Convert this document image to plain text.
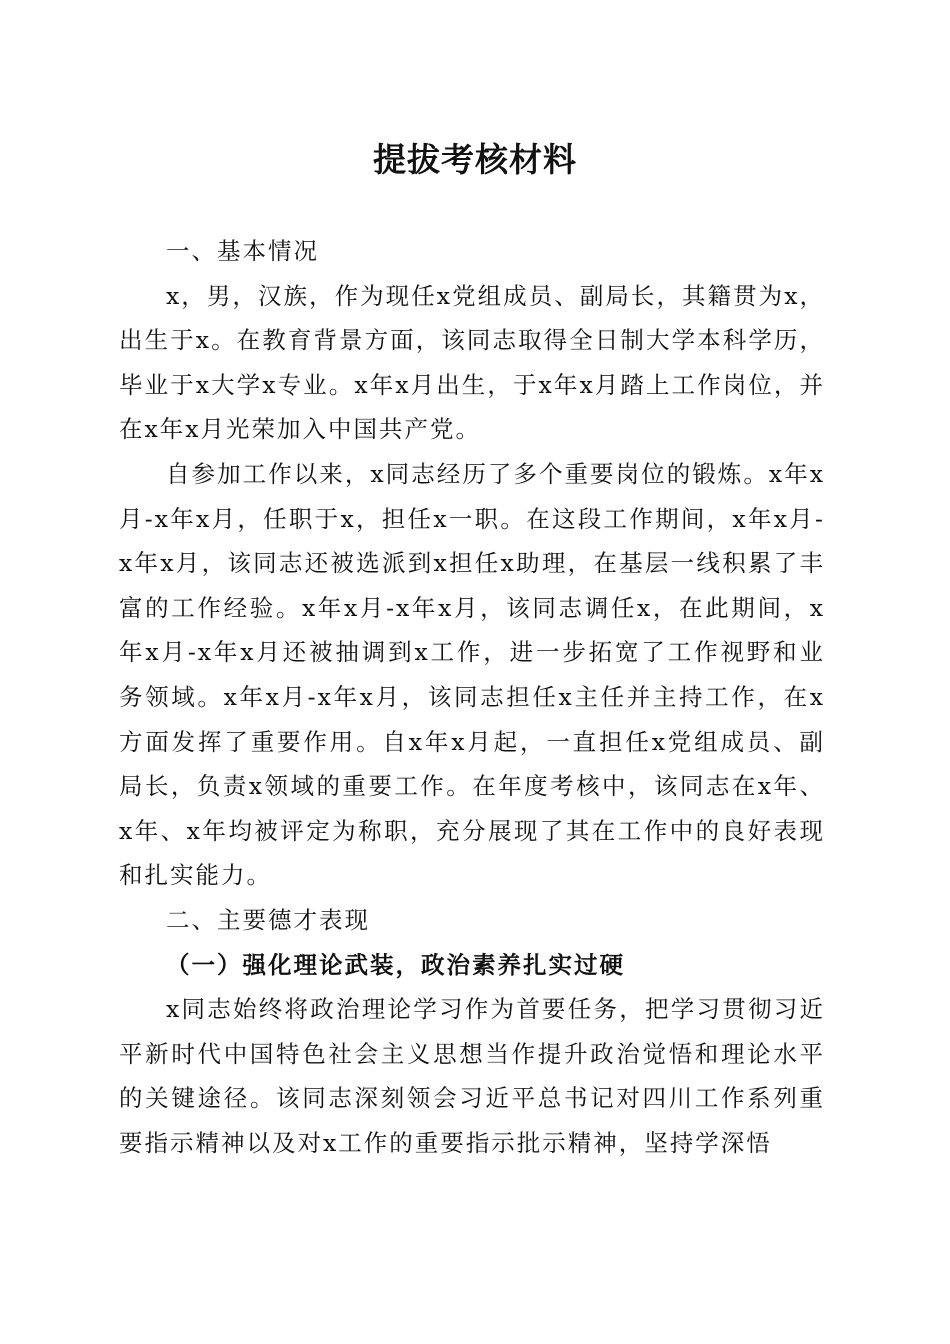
提拔考核材料

一、基本情况

x，男，汉族，作为现任x党组成员、副局长，其籍贯为x，出生于x。在教育背景方面，该同志取得全日制大学本科学历，毕业于x大学x专业。x年x月出生，于x年x月踏上工作岗位，并在x年x月光荣加入中国共产党。

自参加工作以来，x同志经历了多个重要岗位的锻炼。x年x月-x年x月，任职于x，担任x一职。在这段工作期间，x年x月-x年x月，该同志还被选派到x担任x助理，在基层一线积累了丰富的工作经验。x年x月-x年x月，该同志调任x，在此期间，x年x月-x年x月还被抽调到x工作，进一步拓宽了工作视野和业务领域。x年x月-x年x月，该同志担任x主任并主持工作，在x方面发挥了重要作用。自x年x月起，一直担任x党组成员、副局长，负责x领域的重要工作。在年度考核中，该同志在x年、x年、x年均被评定为称职，充分展现了其在工作中的良好表现和扎实能力。

二、主要德才表现

（一）强化理论武装，政治素养扎实过硬

x同志始终将政治理论学习作为首要任务，把学习贯彻习近平新时代中国特色社会主义思想当作提升政治觉悟和理论水平的关键途径。该同志深刻领会习近平总书记对四川工作系列重要指示精神以及对x工作的重要指示批示精神，坚持学深悟
